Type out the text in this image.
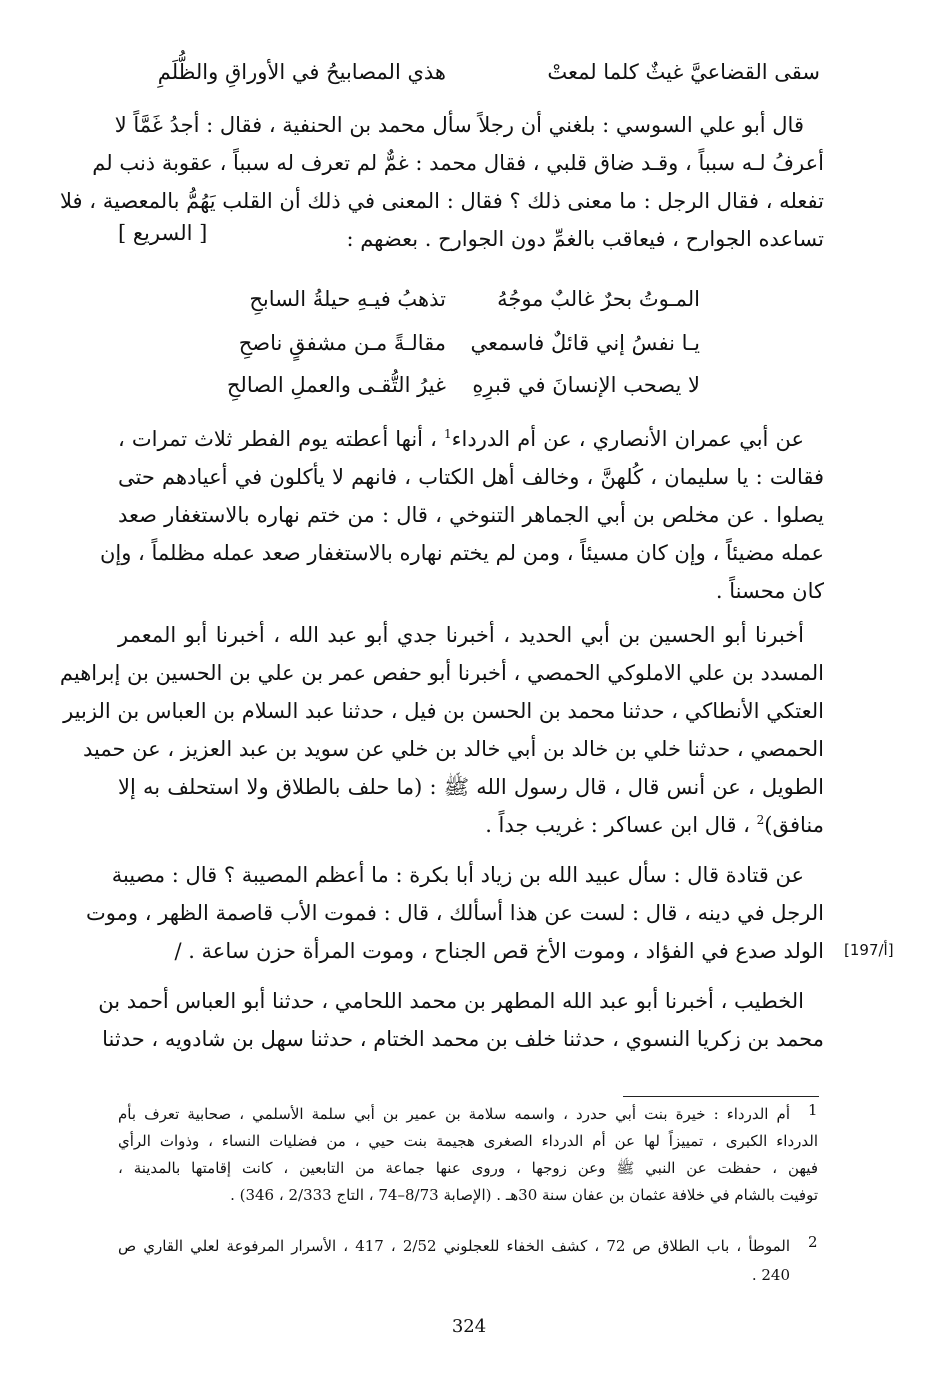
سقى القضاعيَّ غيثٌ كلما لمعتْ
هذي المصابيحُ في الأوراقِ والظُّلَمِ
قال أبو علي السوسي : بلغني أن رجلاً سأل محمد بن الحنفية ، فقال : أجدُ غَمَّاً لا
أعرفُ لـه سبباً ، وقـد ضاق قلبي ، فقال محمد : غمٌّ لم تعرف له سبباً ، عقوبة ذنب لم
تفعله ، فقال الرجل : ما معنى ذلك ؟ فقال : المعنى في ذلك أن القلب يَهُمُّ بالمعصية ، فلا
تساعده الجوارح ، فيعاقب بالغمِّ دون الجوارح . بعضهم :
[ السريع ]
المـوتُ بحرٌ غالبٌ موجُهُ
تذهبُ فيـهِ حيلةُ السابحِ
يـا نفسُ إني قائلٌ فاسمعي
مقالـةً مـن مشفقٍ ناصحِ
لا يصحب الإنسانَ في قبرِهِ
غيرُ التُّقـى والعملِ الصالحِ
عن أبي عمران الأنصاري ، عن أم الدرداء$^1$ ، أنها أعطته يوم الفطر ثلاث تمرات ،
فقالت : يا سليمان ، كُلهنَّ ، وخالف أهل الكتاب ، فانهم لا يأكلون في أعيادهم حتى
يصلوا . عن مخلص بن أبي الجماهر التنوخي ، قال : من ختم نهاره بالاستغفار صعد
عمله مضيئاً ، وإن كان مسيئاً ، ومن لم يختم نهاره بالاستغفار صعد عمله مظلماً ، وإن
كان محسناً .
أخبرنا أبو الحسين بن أبي الحديد ، أخبرنا جدي أبو عبد الله ، أخبرنا أبو المعمر
المسدد بن علي الاملوكي الحمصي ، أخبرنا أبو حفص عمر بن علي بن الحسين بن إبراهيم
العتكي الأنطاكي ، حدثنا محمد بن الحسن بن فيل ، حدثنا عبد السلام بن العباس بن الزبير
الحمصي ، حدثنا خلي بن خالد بن أبي خالد بن خلي عن سويد بن عبد العزيز ، عن حميد
الطويل ، عن أنس قال ، قال رسول الله ﷺ : (ما حلف بالطلاق ولا استحلف به إلا
منافق)$^2$ ، قال ابن عساكر : غريب جداً .
عن قتادة قال : سأل عبيد الله بن زياد أبا بكرة : ما أعظم المصيبة ؟ قال : مصيبة
الرجل في دينه ، قال : لست عن هذا أسألك ، قال : فموت الأب قاصمة الظهر ، وموت
الولد صدع في الفؤاد ، وموت الأخ قص الجناح ، وموت المرأة حزن ساعة . / [197/أ]
الخطيب ، أخبرنا أبو عبد الله المطهر بن محمد اللحامي ، حدثنا أبو العباس أحمد بن
محمد بن زكريا النسوي ، حدثنا خلف بن محمد الختام ، حدثنا سهل بن شادويه ، حدثنا
1
أم الدرداء : خيرة بنت أبي حدرد ، واسمه سلامة بن عمير بن أبي سلمة الأسلمي ، صحابية تعرف بأم
الدرداء الكبرى ، تمييزاً لها عن أم الدرداء الصغرى هجيمة بنت حيي ، من فضليات النساء ، وذوات الرأي
فيهن ، حفظت عن النبي ﷺ وعن زوجها ، وروى عنها جماعة من التابعين ، كانت إقامتها بالمدينة ،
توفيت بالشام في خلافة عثمان بن عفان سنة 30هـ . (الإصابة 8/73–74 ، التاج 2/333 ، 346) .
2
الموطأ ، باب الطلاق ص 72 ، كشف الخفاء للعجلوني 2/52 ، 417 ، الأسرار المرفوعة لعلي القاري ص
240 .
324
